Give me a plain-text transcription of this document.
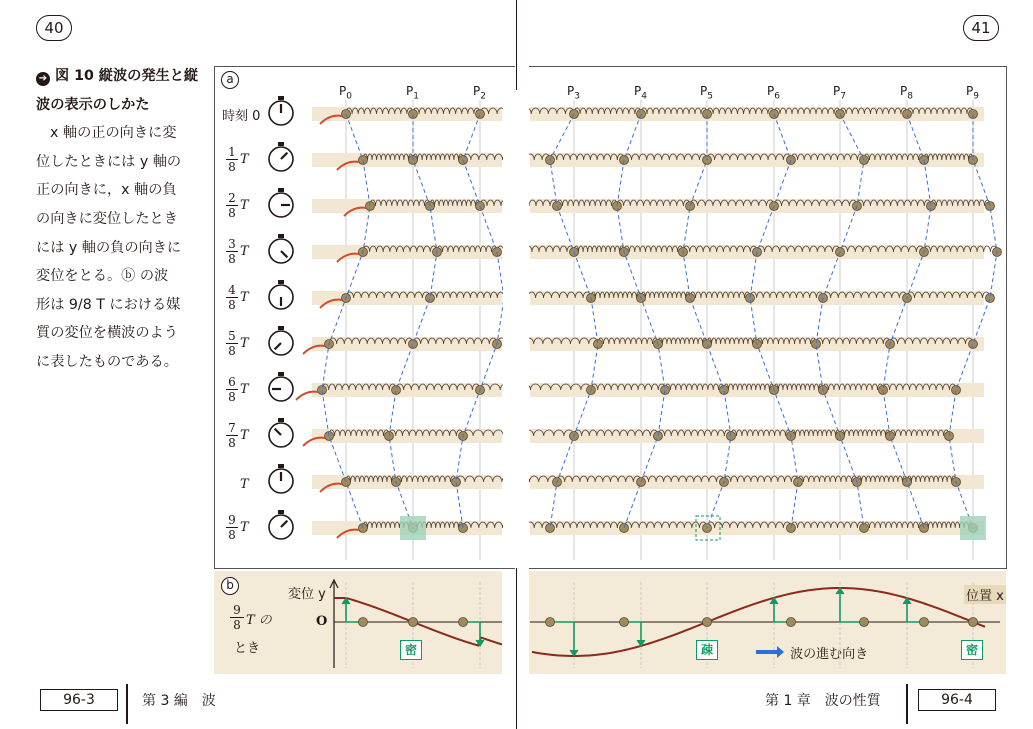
40	41
➔ 図 10 縦波の発生と縦波の表示のしかた
x 軸の正の向きに変
位したときには y 軸の
正の向きに，x 軸の負
の向きに変位したとき
には y 軸の負の向きに
変位をとる。ⓑ の波
形は 9/8 T における媒
質の変位を横波のよう
に表したものである。
a
b
時刻 0
1
8 T
2
8 T
3
8 T
4
8 T
5
8 T
6
8 T
7
8 T
T
9
8 T
$P_0$	$P_1$	$P_2$	$P_3$	$P_4$	$P_5$	$P_6$	$P_7$	$P_8$	$P_9$
9
8 T の
とき
変位 y
O
位置 x
密	疎	密
波の進む向き
96-3	第 3 編　波	第 1 章　波の性質	96-4
